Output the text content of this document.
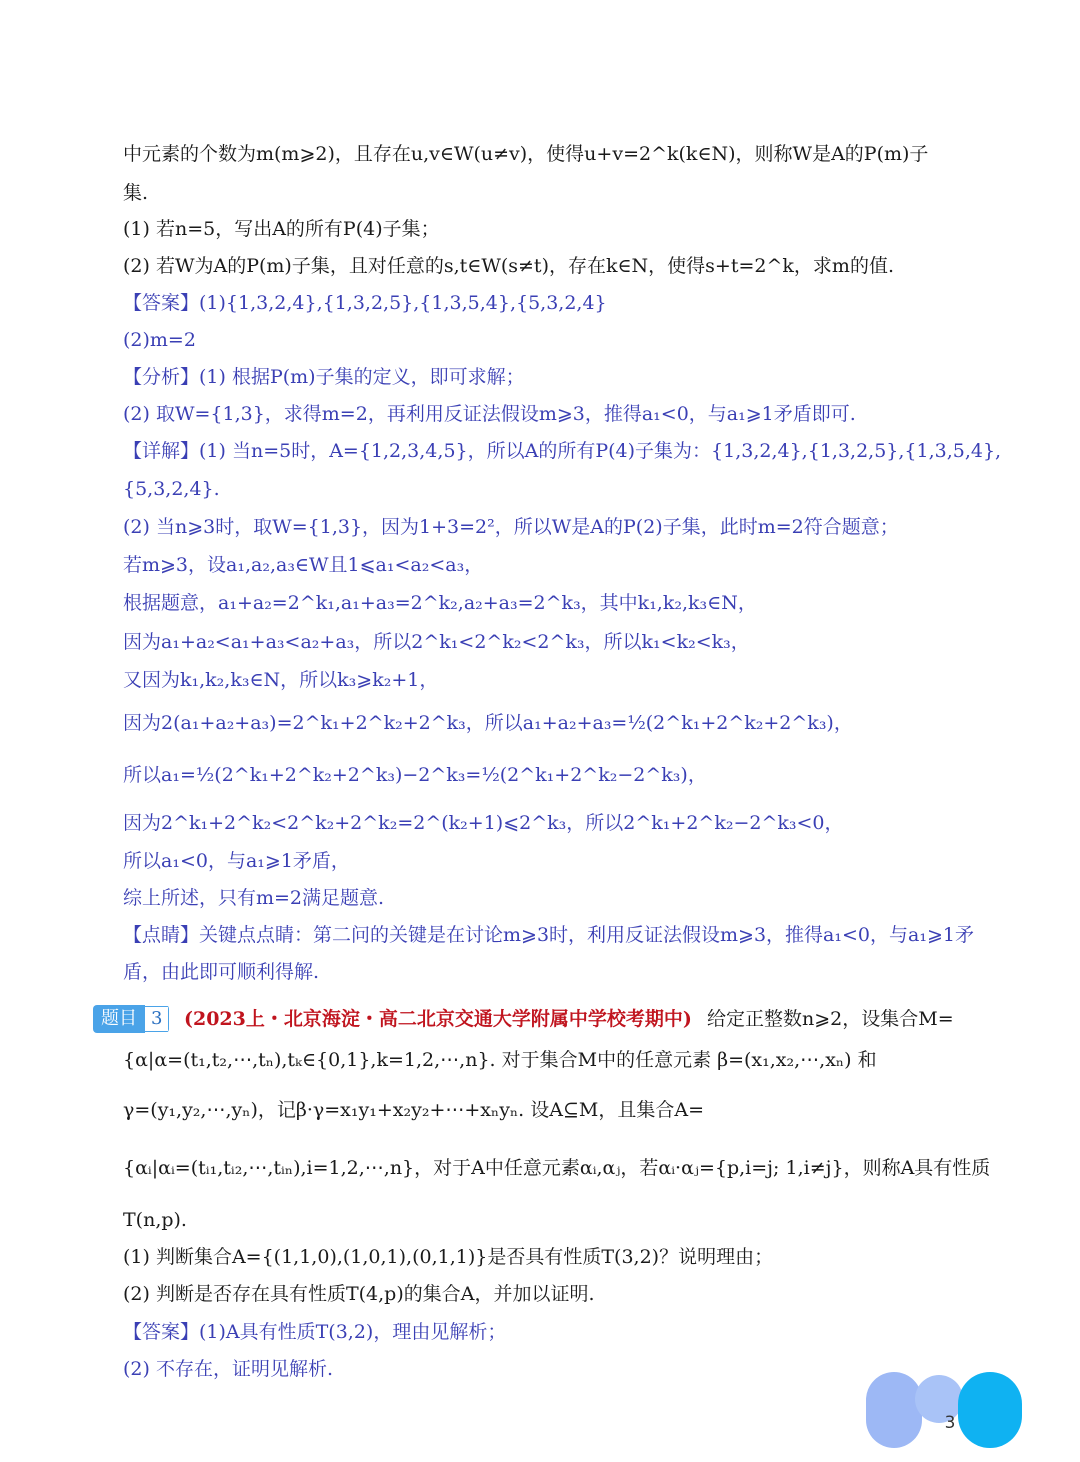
中元素的个数为m(m⩾2)，且存在u,v∈W(u≠v)，使得u+v=2^k(k∈N)，则称W是A的P(m)子
集.
(1) 若n=5，写出A的所有P(4)子集；
(2) 若W为A的P(m)子集，且对任意的s,t∈W(s≠t)，存在k∈N，使得s+t=2^k，求m的值.
【答案】(1){1,3,2,4},{1,3,2,5},{1,3,5,4},{5,3,2,4}
(2)m=2
【分析】(1) 根据P(m)子集的定义，即可求解；
(2) 取W={1,3}，求得m=2，再利用反证法假设m⩾3，推得a₁<0，与a₁⩾1矛盾即可.
【详解】(1) 当n=5时，A={1,2,3,4,5}，所以A的所有P(4)子集为：{1,3,2,4},{1,3,2,5},{1,3,5,4},
{5,3,2,4}.
(2) 当n⩾3时，取W={1,3}，因为1+3=2²，所以W是A的P(2)子集，此时m=2符合题意；
若m⩾3，设a₁,a₂,a₃∈W且1⩽a₁<a₂<a₃，
根据题意，a₁+a₂=2^k₁,a₁+a₃=2^k₂,a₂+a₃=2^k₃，其中k₁,k₂,k₃∈N，
因为a₁+a₂<a₁+a₃<a₂+a₃，所以2^k₁<2^k₂<2^k₃，所以k₁<k₂<k₃，
又因为k₁,k₂,k₃∈N，所以k₃⩾k₂+1，
因为2(a₁+a₂+a₃)=2^k₁+2^k₂+2^k₃，所以a₁+a₂+a₃=½(2^k₁+2^k₂+2^k₃)，
所以a₁=½(2^k₁+2^k₂+2^k₃)−2^k₃=½(2^k₁+2^k₂−2^k₃)，
因为2^k₁+2^k₂<2^k₂+2^k₂=2^(k₂+1)⩽2^k₃，所以2^k₁+2^k₂−2^k₃<0，
所以a₁<0，与a₁⩾1矛盾，
综上所述，只有m=2满足题意.
【点睛】关键点点睛：第二问的关键是在讨论m⩾3时，利用反证法假设m⩾3，推得a₁<0，与a₁⩾1矛
盾，由此即可顺利得解.
{α|α=(t₁,t₂,⋯,tₙ),tₖ∈{0,1},k=1,2,⋯,n}. 对于集合M中的任意元素 β=(x₁,x₂,⋯,xₙ) 和
γ=(y₁,y₂,⋯,yₙ)，记β·γ=x₁y₁+x₂y₂+⋯+xₙyₙ. 设A⊆M，且集合A=
{αᵢ|αᵢ=(tᵢ₁,tᵢ₂,⋯,tᵢₙ),i=1,2,⋯,n}，对于A中任意元素αᵢ,αⱼ，若αᵢ·αⱼ={p,i=j; 1,i≠j}，则称A具有性质
T(n,p).
(1) 判断集合A={(1,1,0),(1,0,1),(0,1,1)}是否具有性质T(3,2)？说明理由；
(2) 判断是否存在具有性质T(4,p)的集合A，并加以证明.
【答案】(1)A具有性质T(3,2)，理由见解析；
(2) 不存在，证明见解析.
题目 3	(2023上・北京海淀・高二北京交通大学附属中学校考期中) 给定正整数n⩾2，设集合M=
3
